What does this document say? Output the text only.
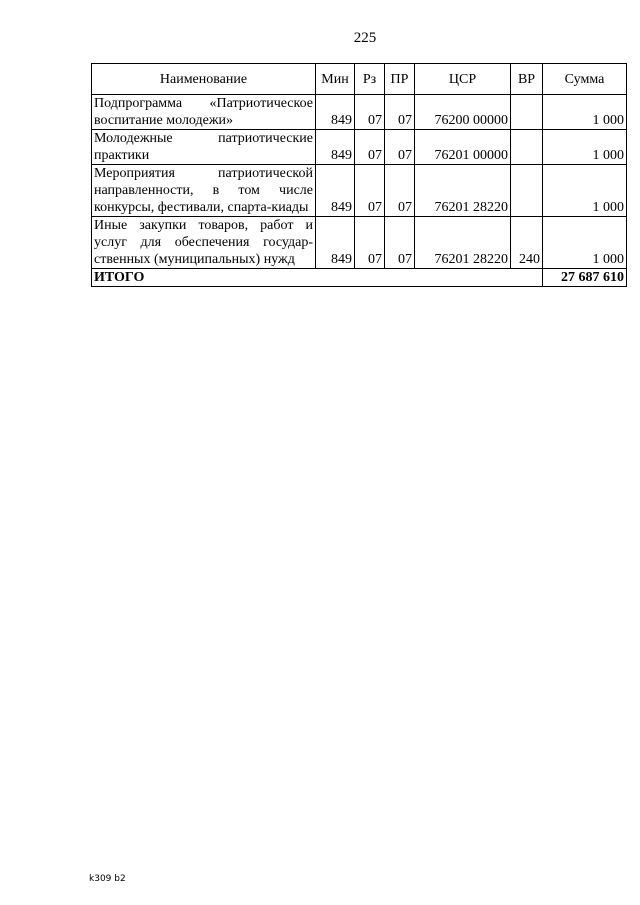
225
Наименование	Мин	Рз	ПР	ЦСР	ВР	Сумма
Подпрограмма «Патриотическое воспитание молодежи»	849	07	07	76200 00000		1 000
Молодежные патриотические практики	849	07	07	76201 00000		1 000
Мероприятия патриотической направленности, в том числе конкурсы, фестивали, спарта-киады	849	07	07	76201 28220		1 000
Иные закупки товаров, работ и услуг для обеспечения государ-ственных (муниципальных) нужд	849	07	07	76201 28220	240	1 000
ИТОГО						27 687 610
k309 b2
